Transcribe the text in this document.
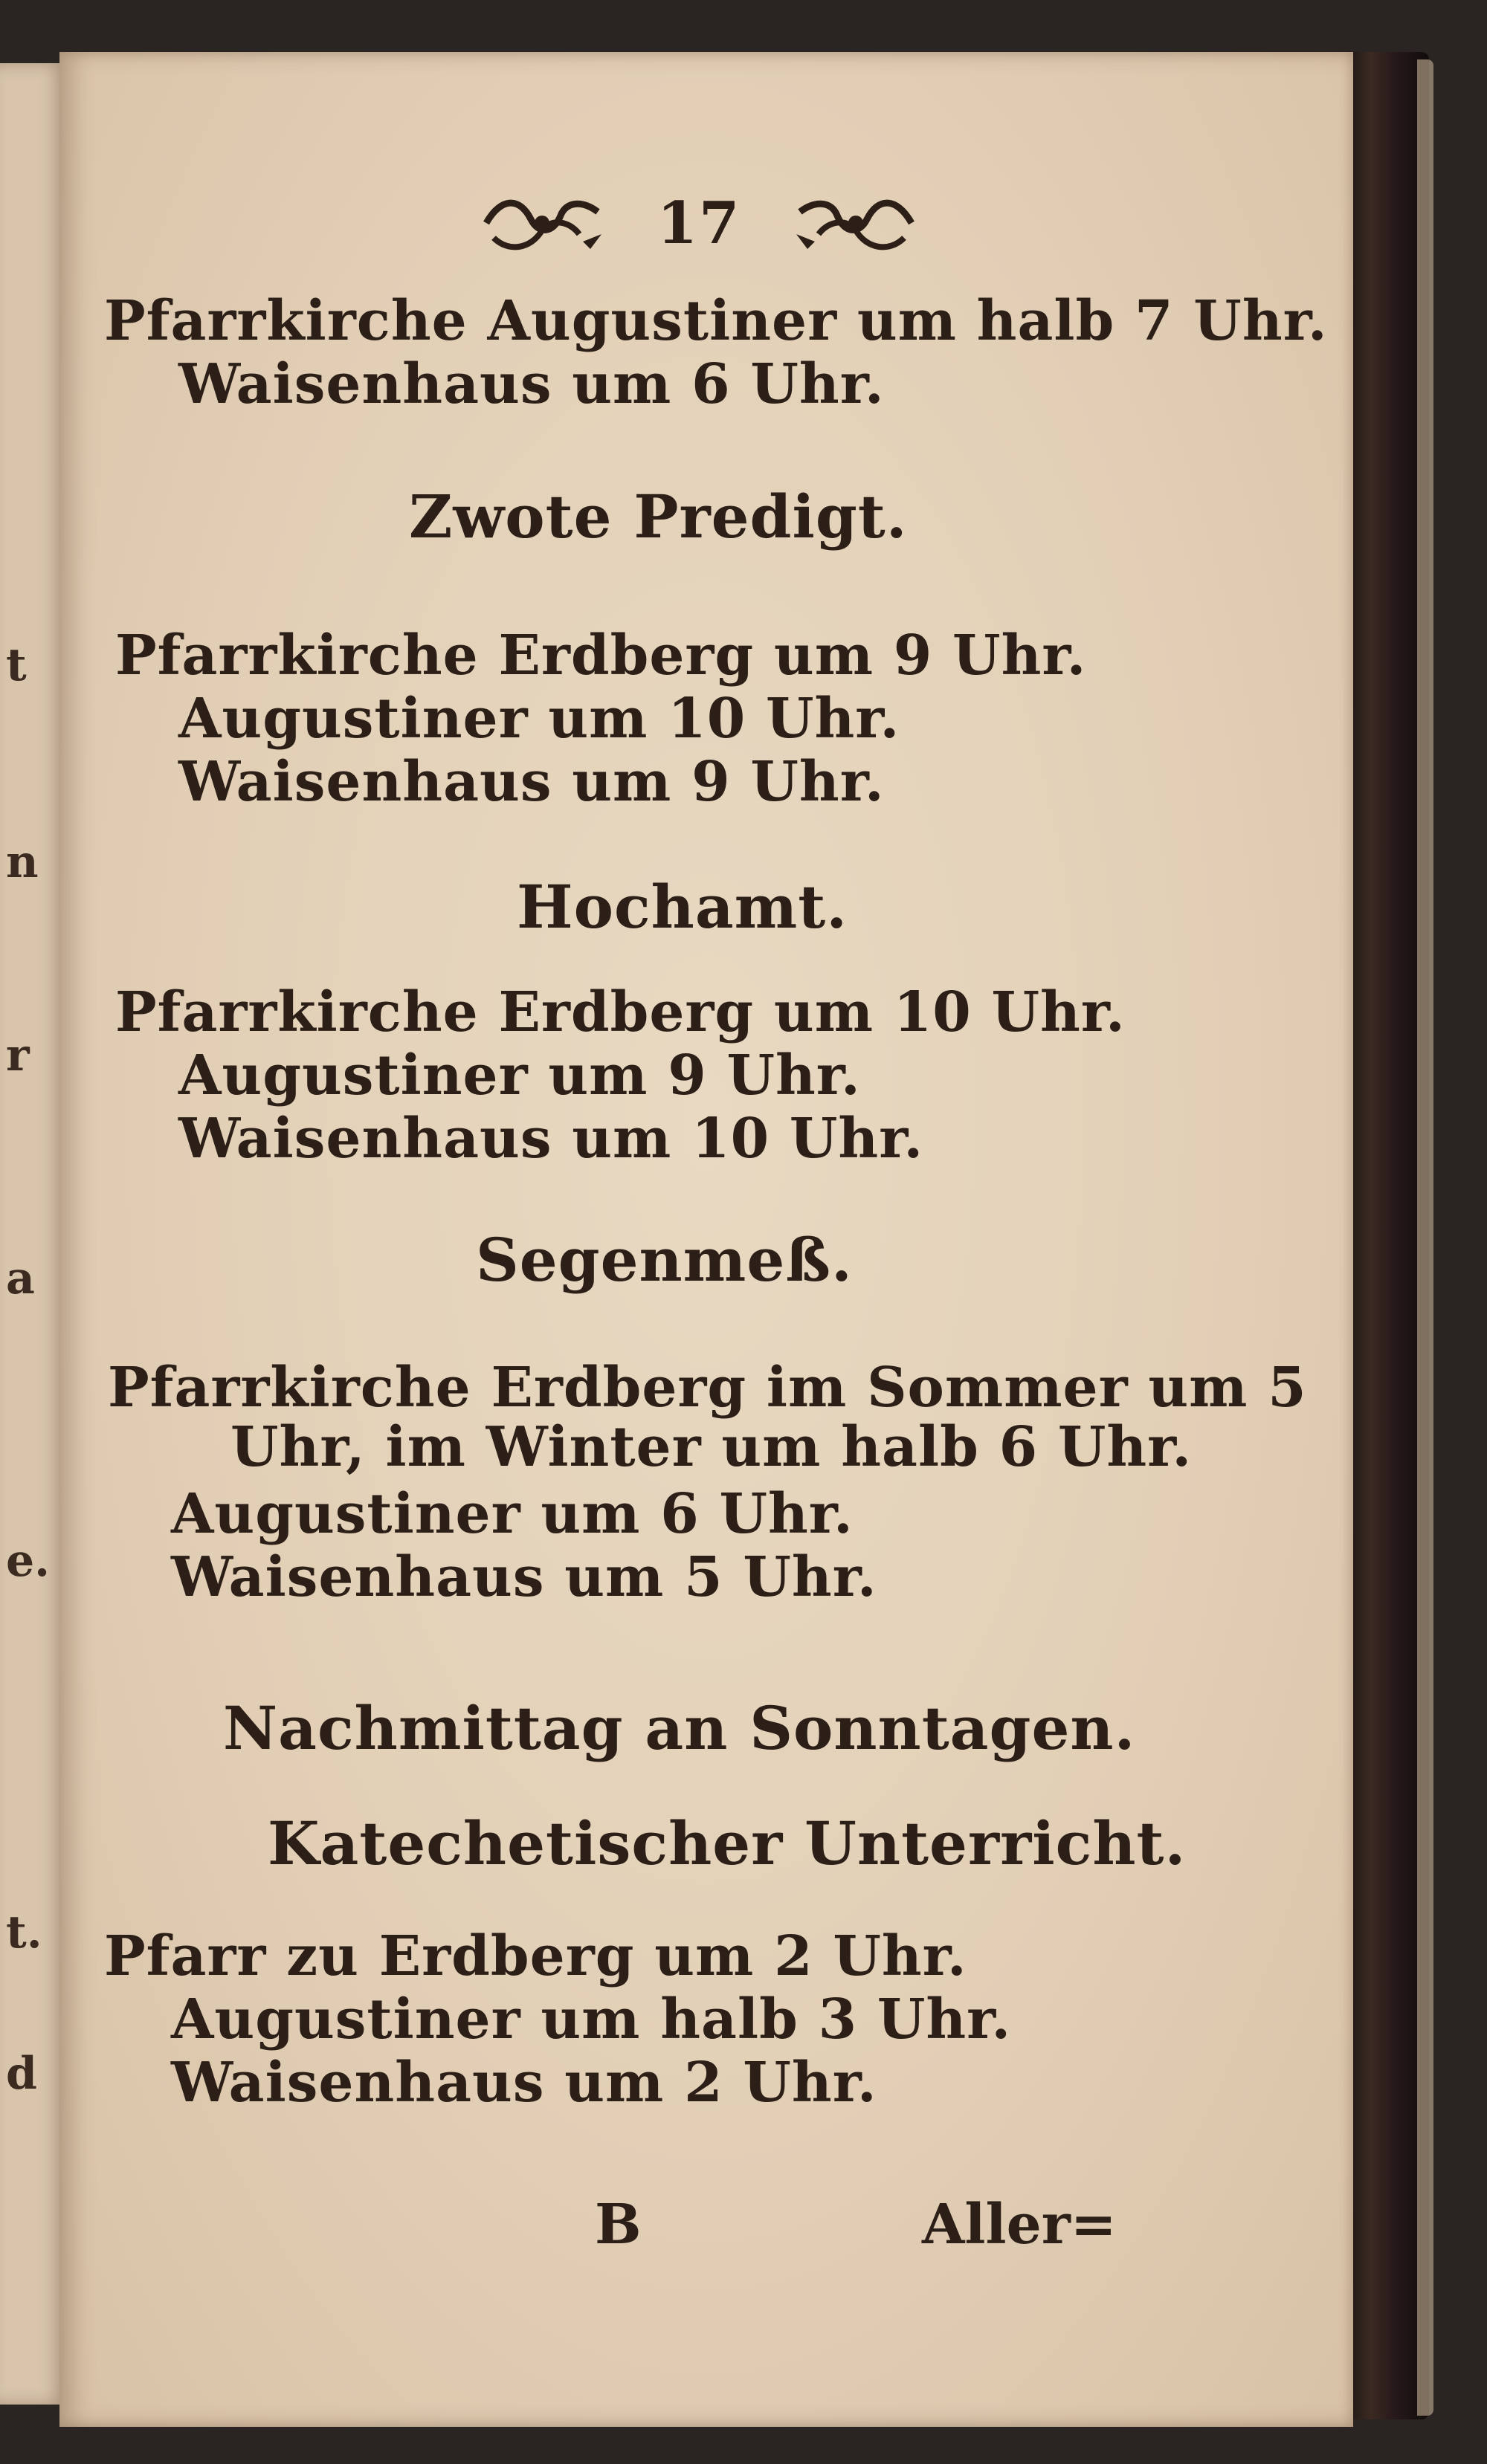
t
n
r
a
e.
t.
d
17
Pfarrkirche Augustiner um halb 7 Uhr.
Waisenhaus um 6 Uhr.
Zwote Predigt.
Pfarrkirche Erdberg um 9 Uhr.
Augustiner um 10 Uhr.
Waisenhaus um 9 Uhr.
Hochamt.
Pfarrkirche Erdberg um 10 Uhr.
Augustiner um 9 Uhr.
Waisenhaus um 10 Uhr.
Segenmeß.
Pfarrkirche Erdberg im Sommer um 5
Uhr, im Winter um halb 6 Uhr.
Augustiner um 6 Uhr.
Waisenhaus um 5 Uhr.
Nachmittag an Sonntagen.
Katechetischer Unterricht.
Pfarr zu Erdberg um 2 Uhr.
Augustiner um halb 3 Uhr.
Waisenhaus um 2 Uhr.
B	Aller=
